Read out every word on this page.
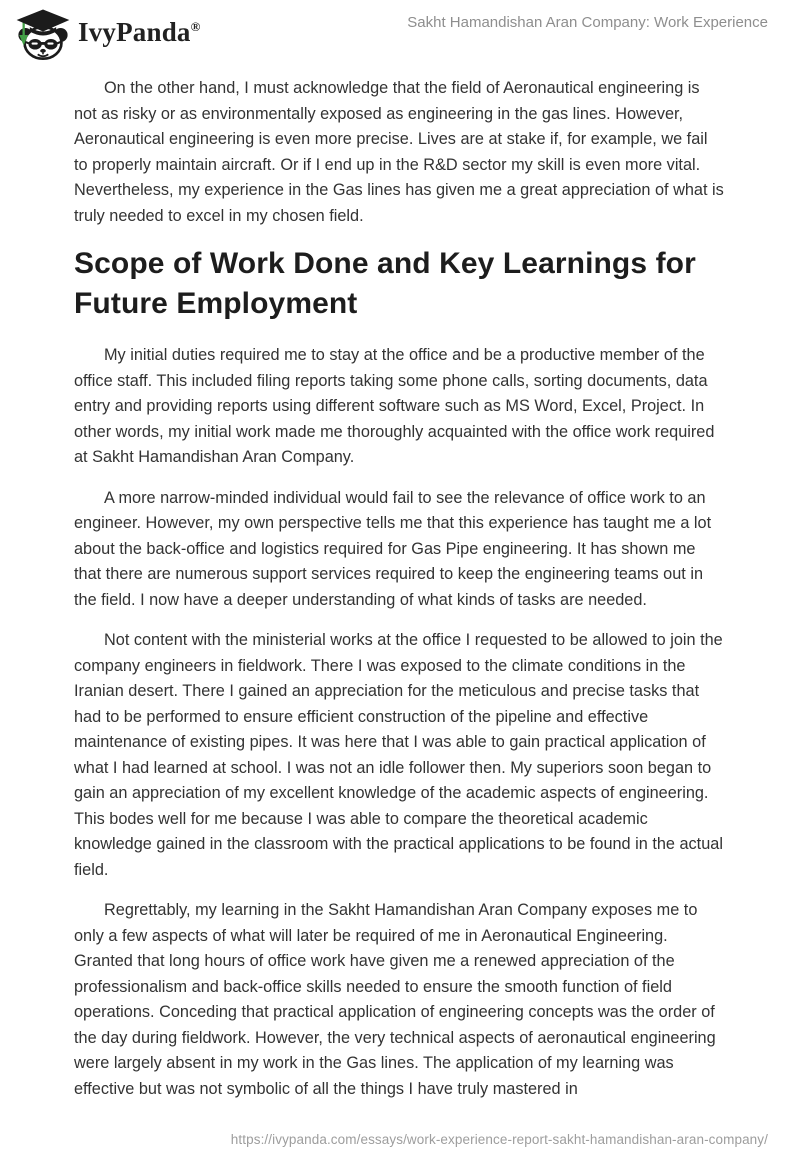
IvyPanda®	Sakht Hamandishan Aran Company: Work Experience

On the other hand, I must acknowledge that the field of Aeronautical engineering is not as risky or as environmentally exposed as engineering in the gas lines. However, Aeronautical engineering is even more precise. Lives are at stake if, for example, we fail to properly maintain aircraft. Or if I end up in the R&D sector my skill is even more vital. Nevertheless, my experience in the Gas lines has given me a great appreciation of what is truly needed to excel in my chosen field.

Scope of Work Done and Key Learnings for Future Employment

My initial duties required me to stay at the office and be a productive member of the office staff. This included filing reports taking some phone calls, sorting documents, data entry and providing reports using different software such as MS Word, Excel, Project. In other words, my initial work made me thoroughly acquainted with the office work required at Sakht Hamandishan Aran Company.

A more narrow-minded individual would fail to see the relevance of office work to an engineer. However, my own perspective tells me that this experience has taught me a lot about the back-office and logistics required for Gas Pipe engineering. It has shown me that there are numerous support services required to keep the engineering teams out in the field. I now have a deeper understanding of what kinds of tasks are needed.

Not content with the ministerial works at the office I requested to be allowed to join the company engineers in fieldwork. There I was exposed to the climate conditions in the Iranian desert. There I gained an appreciation for the meticulous and precise tasks that had to be performed to ensure efficient construction of the pipeline and effective maintenance of existing pipes. It was here that I was able to gain practical application of what I had learned at school. I was not an idle follower then. My superiors soon began to gain an appreciation of my excellent knowledge of the academic aspects of engineering. This bodes well for me because I was able to compare the theoretical academic knowledge gained in the classroom with the practical applications to be found in the actual field.

Regrettably, my learning in the Sakht Hamandishan Aran Company exposes me to only a few aspects of what will later be required of me in Aeronautical Engineering. Granted that long hours of office work have given me a renewed appreciation of the professionalism and back-office skills needed to ensure the smooth function of field operations. Conceding that practical application of engineering concepts was the order of the day during fieldwork. However, the very technical aspects of aeronautical engineering were largely absent in my work in the Gas lines. The application of my learning was effective but was not symbolic of all the things I have truly mastered in

https://ivypanda.com/essays/work-experience-report-sakht-hamandishan-aran-company/
